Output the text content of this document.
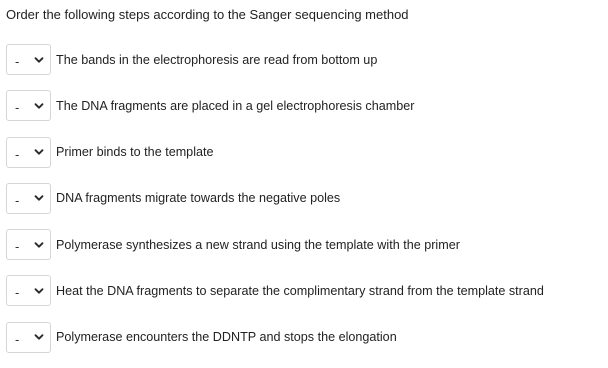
Order the following steps according to the Sanger sequencing method
-	The bands in the electrophoresis are read from bottom up
-	The DNA fragments are placed in a gel electrophoresis chamber
-	Primer binds to the template
-	DNA fragments migrate towards the negative poles
-	Polymerase synthesizes a new strand using the template with the primer
-	Heat the DNA fragments to separate the complimentary strand from the template strand
-	Polymerase encounters the DDNTP and stops the elongation
